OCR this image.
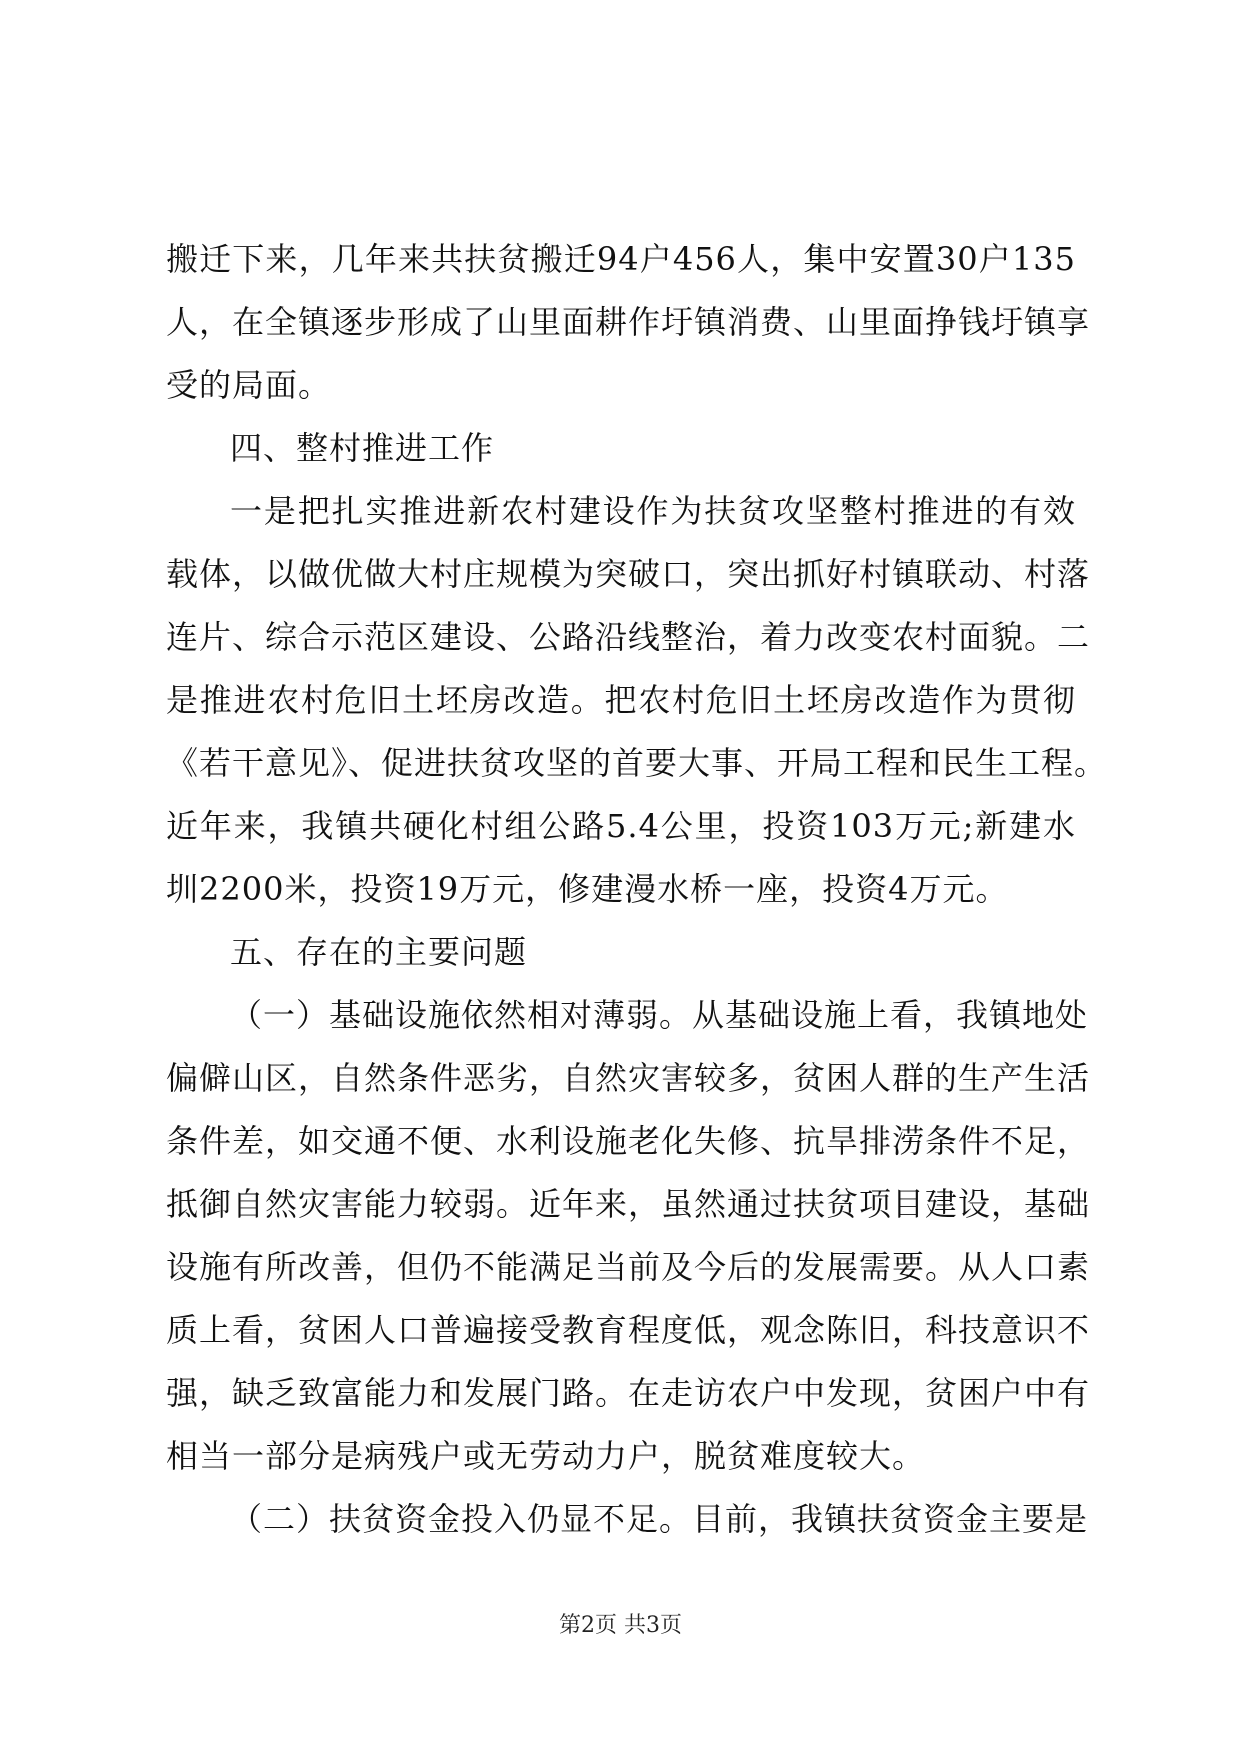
搬迁下来，几年来共扶贫搬迁94户456人，集中安置30户135
人，在全镇逐步形成了山里面耕作圩镇消费、山里面挣钱圩镇享
受的局面。
四、整村推进工作
一是把扎实推进新农村建设作为扶贫攻坚整村推进的有效
载体，以做优做大村庄规模为突破口，突出抓好村镇联动、村落
连片、综合示范区建设、公路沿线整治，着力改变农村面貌。二
是推进农村危旧土坯房改造。把农村危旧土坯房改造作为贯彻
《若干意见》、促进扶贫攻坚的首要大事、开局工程和民生工程。
近年来，我镇共硬化村组公路5.4公里，投资103万元;新建水
圳2200米，投资19万元，修建漫水桥一座，投资4万元。
五、存在的主要问题
（一）基础设施依然相对薄弱。从基础设施上看，我镇地处
偏僻山区，自然条件恶劣，自然灾害较多，贫困人群的生产生活
条件差，如交通不便、水利设施老化失修、抗旱排涝条件不足，
抵御自然灾害能力较弱。近年来，虽然通过扶贫项目建设，基础
设施有所改善，但仍不能满足当前及今后的发展需要。从人口素
质上看，贫困人口普遍接受教育程度低，观念陈旧，科技意识不
强，缺乏致富能力和发展门路。在走访农户中发现，贫困户中有
相当一部分是病残户或无劳动力户，脱贫难度较大。
（二）扶贫资金投入仍显不足。目前，我镇扶贫资金主要是
第2页 共3页
